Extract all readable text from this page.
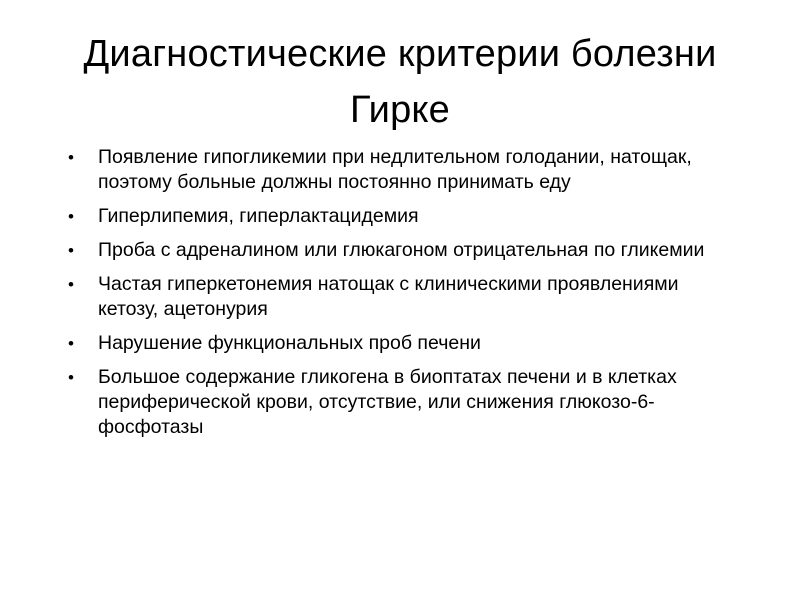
Диагностические критерии болезни Гирке
• Появление гипогликемии при недлительном голодании, натощак, поэтому больные должны постоянно принимать еду
• Гиперлипемия, гиперлактацидемия
• Проба с адреналином или глюкагоном отрицательная по гликемии
• Частая гиперкетонемия натощак с клиническими проявлениями кетозу, ацетонурия
• Нарушение функциональных проб печени
• Большое содержание гликогена в биоптатах печени и в клетках периферической крови, отсутствие, или снижения глюкозо-6-фосфотазы
